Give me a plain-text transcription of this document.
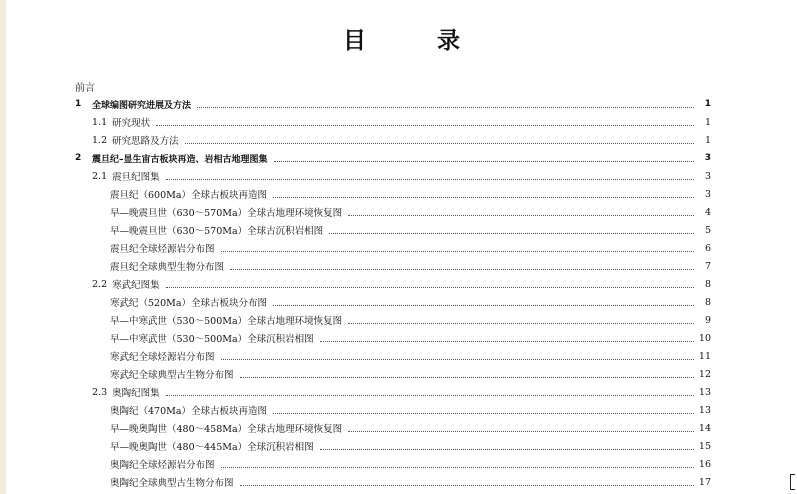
目　录
前言
1	全球编图研究进展及方法	1
1.1 研究现状	1
1.2 研究思路及方法	1
2	震旦纪–显生宙古板块再造、岩相古地理图集	3
2.1 震旦纪图集	3
震旦纪（600Ma）全球古板块再造图	3
早—晚震旦世（630～570Ma）全球古地理环境恢复图	4
早—晚震旦世（630～570Ma）全球古沉积岩相图	5
震旦纪全球烃源岩分布图	6
震旦纪全球典型生物分布图	7
2.2 寒武纪图集	8
寒武纪（520Ma）全球古板块分布图	8
早—中寒武世（530～500Ma）全球古地理环境恢复图	9
早—中寒武世（530～500Ma）全球沉积岩相图	10
寒武纪全球烃源岩分布图	11
寒武纪全球典型古生物分布图	12
2.3 奥陶纪图集	13
奥陶纪（470Ma）全球古板块再造图	13
早—晚奥陶世（480～458Ma）全球古地理环境恢复图	14
早—晚奥陶世（480～445Ma）全球沉积岩相图	15
奥陶纪全球烃源岩分布图	16
奥陶纪全球典型古生物分布图	17
